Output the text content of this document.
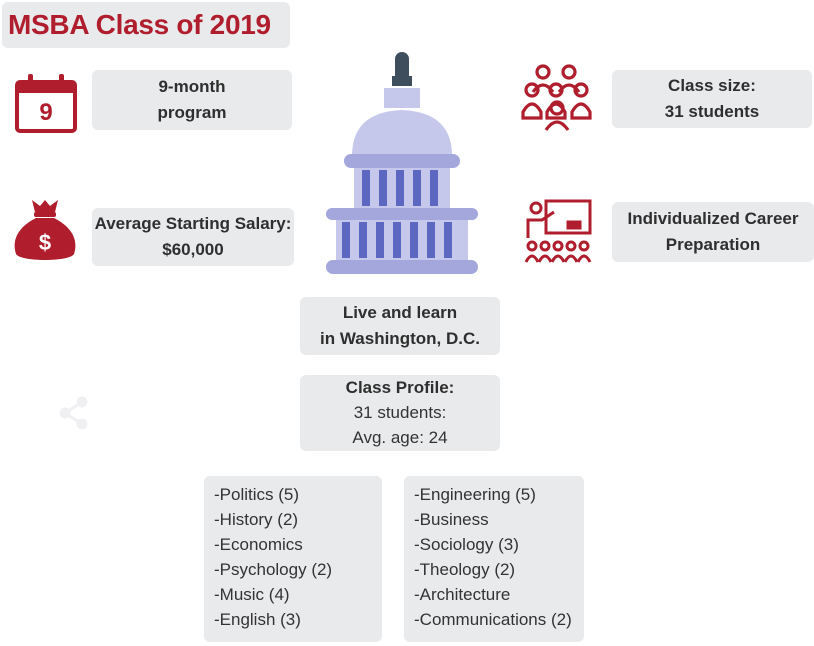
MSBA Class of 2019
9
9-month
program
Class size:
31 students
$
Average Starting Salary:
$60,000
Individualized Career
Preparation
Live and learn
in Washington, D.C.
Class Profile:
31 students:
Avg. age: 24
-Politics (5)
-History (2)
-Economics
-Psychology (2)
-Music (4)
-English (3)
-Engineering (5)
-Business
-Sociology (3)
-Theology (2)
-Architecture
-Communications (2)
